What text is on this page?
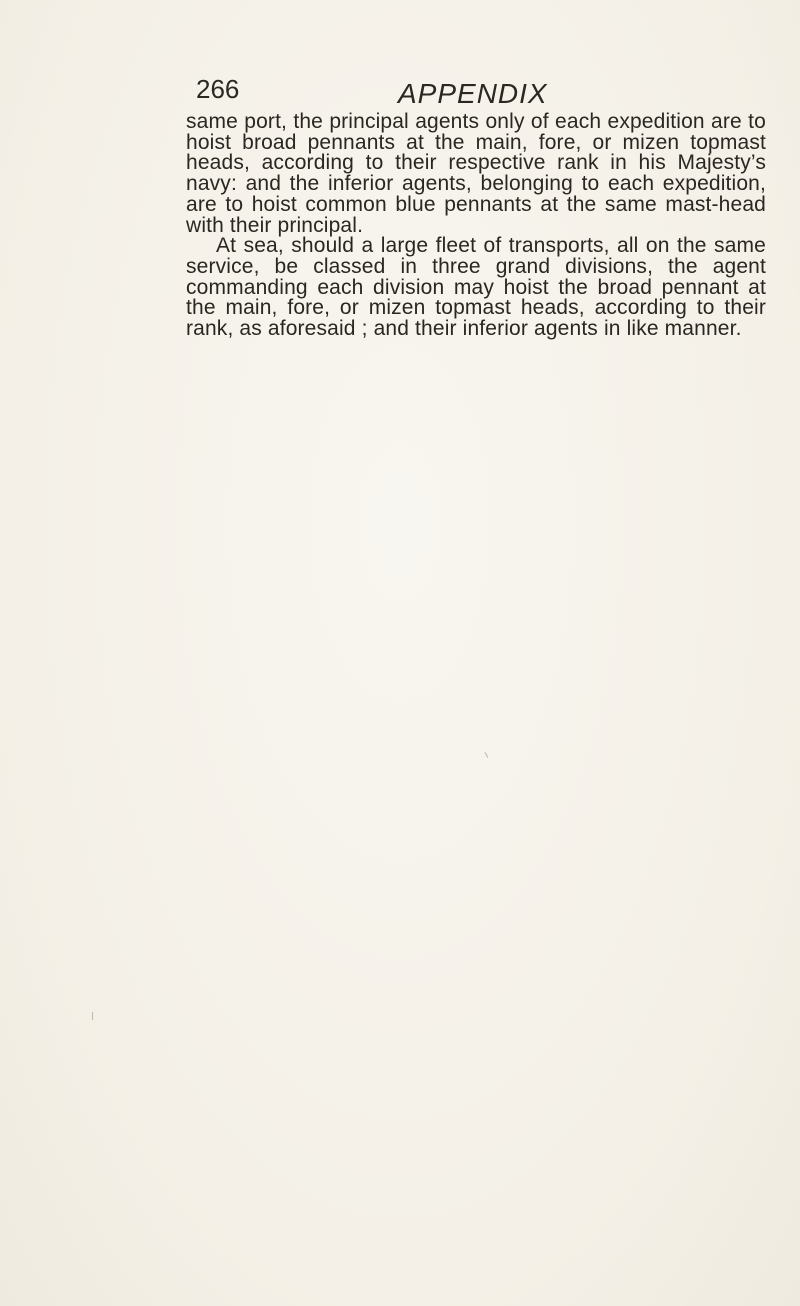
266	APPENDIX

same port, the principal agents only of each expedition are to hoist broad pennants at the main, fore, or mizen topmast heads, according to their respective rank in his Majesty’s navy: and the inferior agents, belonging to each expedition, are to hoist common blue pennants at the same mast-head with their principal.

At sea, should a large fleet of transports, all on the same service, be classed in three grand divisions, the agent commanding each division may hoist the broad pennant at the main, fore, or mizen topmast heads, according to their rank, as aforesaid ; and their inferior agents in like manner.
